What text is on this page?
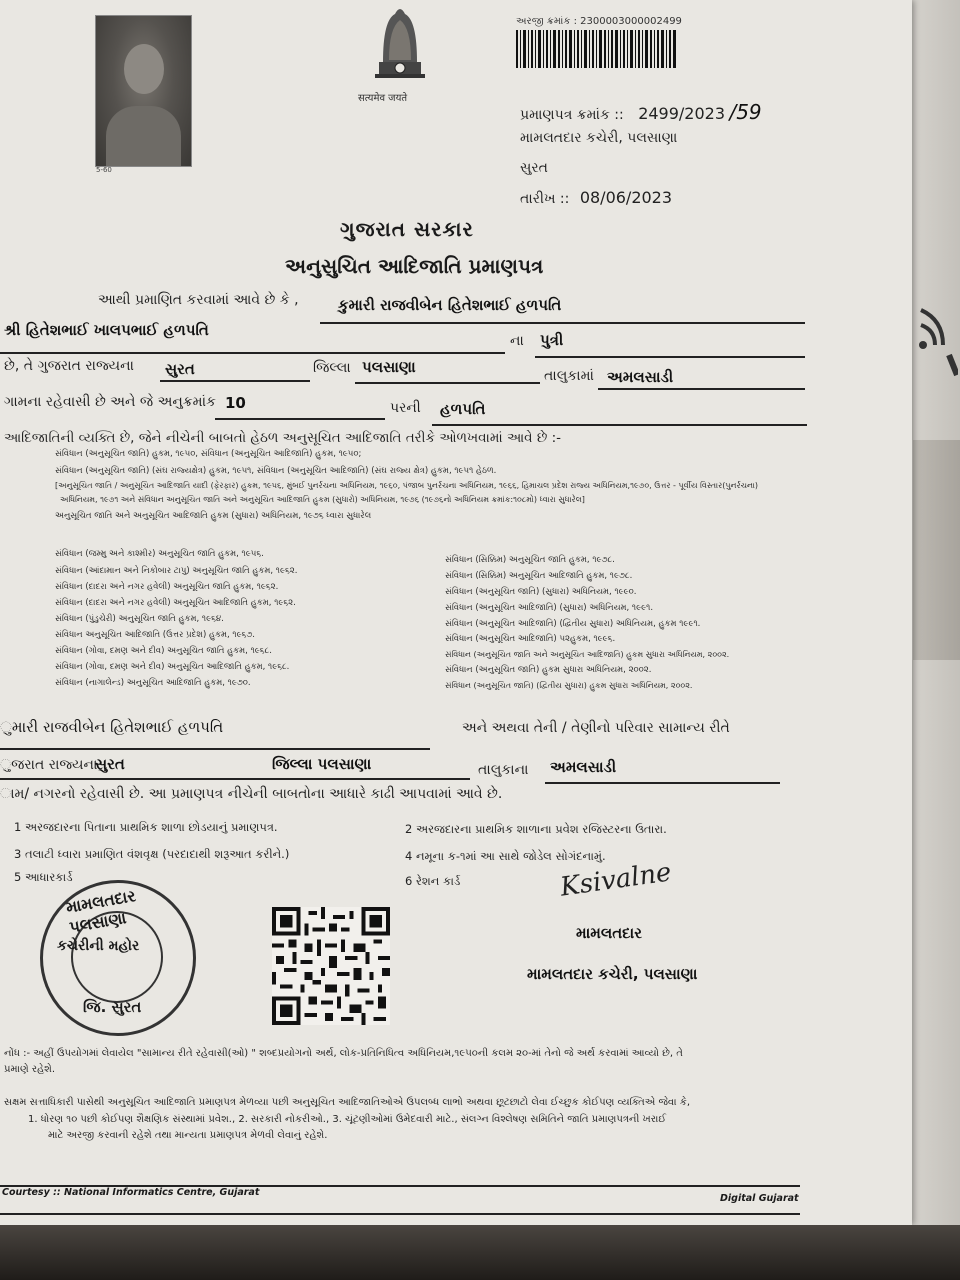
5-60
सत्यमेव जयते
અરજી ક્રમાંક : 2300003000002499
પ્રમાણપત્ર ક્રમાંક :: 2499/2023 /59
મામલતદાર કચેરી, પલસાણા
સુરત
તારીખ :: 08/06/2023
ગુજરાત સરકાર
અનુસુચિત આદિજાતિ પ્રમાણપત્ર
આથી પ્રમાણિત કરવામાં આવે છે કે ,	કુમારી રાજવીબેન હિતેશભાઈ હળપતિ
શ્રી હિતેશભાઈ ખાલપભાઈ હળપતિ
ના પુત્રી
છે, તે ગુજરાત રાજ્યના સુરત	જિલ્લા પલસાણા	તાલુકામાં અમલસાડી
ગામના રહેવાસી છે અને જે અનુક્રમાંક 10	પરની હળપતિ
આદિજાતિની વ્યક્તિ છે, જેને નીચેની બાબતો હેઠળ અનુસૂચિત આદિજાતિ તરીકે ઓળખવામાં આવે છે :-
સંવિધાન (અનુસૂચિત જાતિ) હુકમ, ૧૯૫૦, સંવિધાન (અનુસૂચિત આદિજાતિ) હુકમ, ૧૯૫૦;
સંવિધાન (અનુસૂચિત જાતિ) (સંઘ રાજ્યક્ષેત્ર) હુકમ, ૧૯૫૧, સંવિધાન (અનુસૂચિત આદિજાતિ) (સંઘ રાજ્ય ક્ષેત્ર) હુકમ, ૧૯૫૧ હેઠળ.
[અનુસૂચિત જાતિ / અનુસૂચિત આદિજાતિ યાદી (ફેરફાર) હુકમ, ૧૯૫૬, મુંબઈ પુનર્રચના અધિનિયમ, ૧૯૬૦, પંજાબ પુનર્રચના અધિનિયમ, ૧૯૬૬, હિમાચલ પ્રદેશ રાજ્ય અધિનિયમ,૧૯૭૦, ઉત્તર - પૂર્વીય વિસ્તાર(પુનર્રચના)
અધિનિયમ, ૧૯૭૧ અને સંવિધાન અનુસૂચિત જાતિ અને અનુસૂચિત આદિજાતિ હુકમ (સુધારો) અધિનિયમ, ૧૯૭૬ (૧૯૭૬નો અધિનિયમ ક્રમાંક:૧૦૮મો) ધ્વારા સુધારેલ]
અનુસૂચિત જાતિ અને અનુસૂચિત આદિજાતિ હુકમ (સુધારા) અધિનિયમ, ૧૯૭૬ ધ્વારા સુધારેલ
સંવિધાન (જમ્મુ અને કાશ્મીર) અનુસૂચિત જાતિ હુકમ, ૧૯૫૬.
સંવિધાન (આંદામાન અને નિકોબાર ટાપુ) અનુસૂચિત જાતિ હુકમ, ૧૯૬૨.
સંવિધાન (દાદરા અને નગર હવેલી) અનુસૂચિત જાતિ હુકમ, ૧૯૬૨.
સંવિધાન (દાદરા અને નગર હવેલી) અનુસૂચિત આદિજાતિ હુકમ, ૧૯૬૨.
સંવિધાન (પુંડુચેરી) અનુસૂચિત જાતિ હુકમ, ૧૯૬૪.
સંવિધાન અનુસૂચિત આદિજાતિ (ઉત્તર પ્રદેશ) હુકમ, ૧૯૬૭.
સંવિધાન (ગોવા, દમણ અને દીવ) અનુસૂચિત જાતિ હુકમ, ૧૯૬૮.
સંવિધાન (ગોવા, દમણ અને દીવ) અનુસૂચિત આદિજાતિ હુકમ, ૧૯૬૮.
સંવિધાન (નાગાલેન્ડ) અનુસૂચિત આદિજાતિ હુકમ, ૧૯૭૦.
સંવિધાન (સિક્કિમ) અનુસૂચિત જાતિ હુકમ, ૧૯૭૮.
સંવિધાન (સિક્કિમ) અનુસૂચિત આદિજાતિ હુકમ, ૧૯૭૮.
સંવિધાન (અનુસૂચિત જાતિ) (સુધારા) અધિનિયમ, ૧૯૯૦.
સંવિધાન (અનુસૂચિત આદિજાતિ) (સુધારા) અધિનિયમ, ૧૯૯૧.
સંવિધાન (અનુસૂચિત આદિજાતિ) (દ્વિતીય સુધારા) અધિનિયમ, હુકમ ૧૯૯૧.
સંવિધાન (અનુસૂચિત આદિજાતિ) ૫૨હુકમ, ૧૯૯૬.
સંવિધાન (અનુસૂચિત જાતિ અને અનુસૂચિત આદિજાતિ) હુકમ સુધારા અધિનિયમ, ૨૦૦૨.
સંવિધાન (અનુસૂચિત જાતિ) હુકમ સુધારા અધિનિયમ, ૨૦૦૨.
સંવિધાન (અનુસૂચિત જાતિ) (દ્વિતીય સુધારા) હુકમ સુધારા અધિનિયમ, ૨૦૦૨.
ુમારી રાજવીબેન હિતેશભાઈ હળપતિ	અને અથવા તેની / તેણીનો પરિવાર સામાન્ય રીતે
ુજરાત રાજ્યના
સુરત	જિલ્લા પલસાણા	તાલુકાના અમલસાડી
ામ/ નગરનો રહેવાસી છે. આ પ્રમાણપત્ર નીચેની બાબતોના આધારે કાઢી આપવામાં આવે છે.
1 અરજદારના પિતાના પ્રાથમિક શાળા છોડયાનું પ્રમાણપત્ર.	2 અરજદારના પ્રાથમિક શાળાના પ્રવેશ રજિસ્ટરના ઉતારા.
3 તલાટી ધ્વારા પ્રમાણિત વંશવૃક્ષ (પરદાદાથી શરૂઆત કરીને.)	4 નમૂના ક-૧માં આ સાથે જોડેલ સોગંદનામું.
5 આધારકાર્ડ	6 રેશન કાર્ડ
મામલતદાર પલસાણા
કચેરીની મહોર
જિ. સુરત
Ksivalne
મામલતદાર
મામલતદાર કચેરી, પલસાણા
નોંધ :- અહીં ઉપયોગમાં લેવાયેલ "સામાન્ય રીતે રહેવાસી(ઓ) " શબ્દપ્રયોગનો અર્થ, લોક-પ્રતિનિધિત્વ અધિનિયમ,૧૯૫૦ની કલમ ૨૦-માં તેનો જે અર્થ કરવામાં આવ્યો છે, તે
પ્રમાણે રહેશે.
સક્ષમ સત્તાધિકારી પાસેથી અનુસૂચિત આદિજાતિ પ્રમાણપત્ર મેળવ્યા પછી અનુસૂચિત આદિજાતિઓએ ઉપલબ્ધ લાભો અથવા છૂટછાટો લેવા ઈચ્છુક કોઈપણ વ્યક્તિએ જેવા કે,
1. ધોરણ ૧૦ પછી કોઈપણ શૈક્ષણિક સંસ્થામાં પ્રવેશ., 2. સરકારી નોકરીઓ., 3. ચૂંટણીઓમાં ઉમેદવારી માટે., સંલગ્ન વિશ્લેષણ સમિતિને જાતિ પ્રમાણપત્રની ખરાઈ
માટે અરજી કરવાની રહેશે તથા માન્યતા પ્રમાણપત્ર મેળવી લેવાનું રહેશે.
Courtesy :: National Informatics Centre, Gujarat
Digital Gujarat
